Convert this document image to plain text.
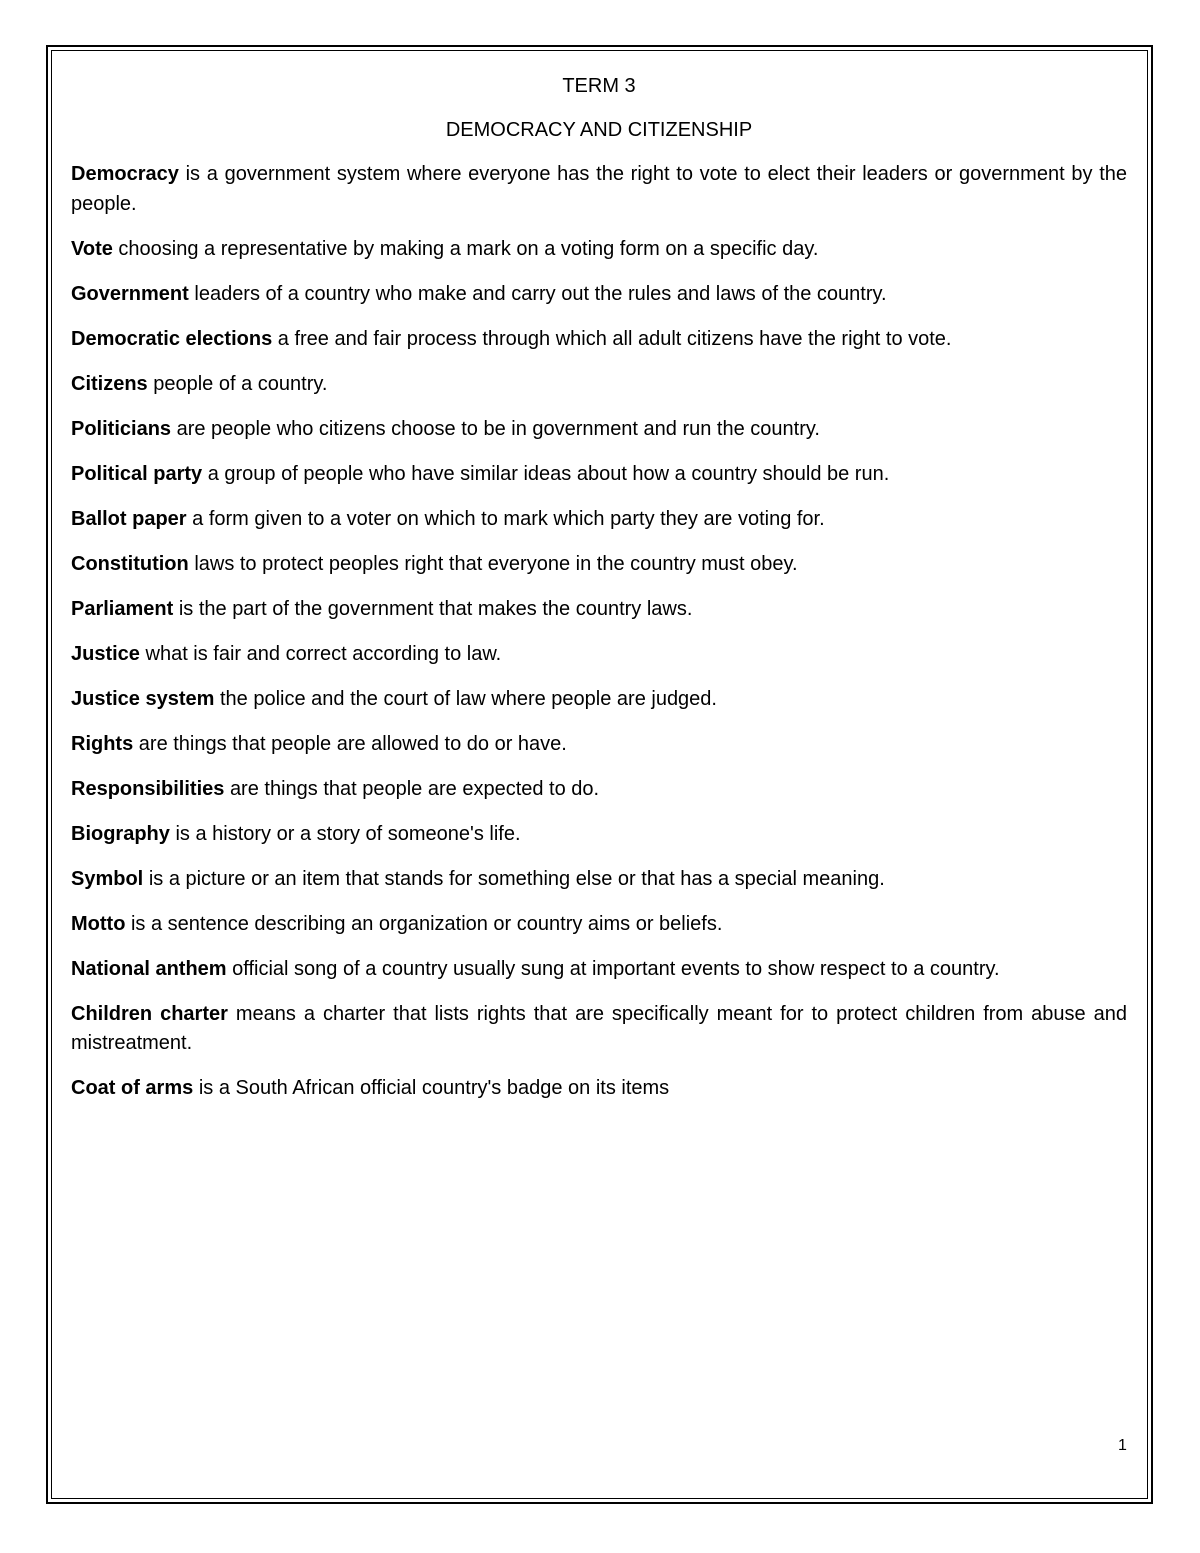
TERM 3

DEMOCRACY AND CITIZENSHIP

Democracy is a government system where everyone has the right to vote to elect their leaders or government by the people.

Vote choosing a representative by making a mark on a voting form on a specific day.

Government leaders of a country who make and carry out the rules and laws of the country.

Democratic elections a free and fair process through which all adult citizens have the right to vote.

Citizens people of a country.

Politicians are people who citizens choose to be in government and run the country.

Political party a group of people who have similar ideas about how a country should be run.

Ballot paper a form given to a voter on which to mark which party they are voting for.

Constitution laws to protect peoples right that everyone in the country must obey.

Parliament is the part of the government that makes the country laws.

Justice what is fair and correct according to law.

Justice system the police and the court of law where people are judged.

Rights are things that people are allowed to do or have.

Responsibilities are things that people are expected to do.

Biography is a history or a story of someone's life.

Symbol is a picture or an item that stands for something else or that has a special meaning.

Motto is a sentence describing an organization or country aims or beliefs.

National anthem official song of a country usually sung at important events to show respect to a country.

Children charter means a charter that lists rights that are specifically meant for to protect children from abuse and mistreatment.

Coat of arms is a South African official country's badge on its items

1
